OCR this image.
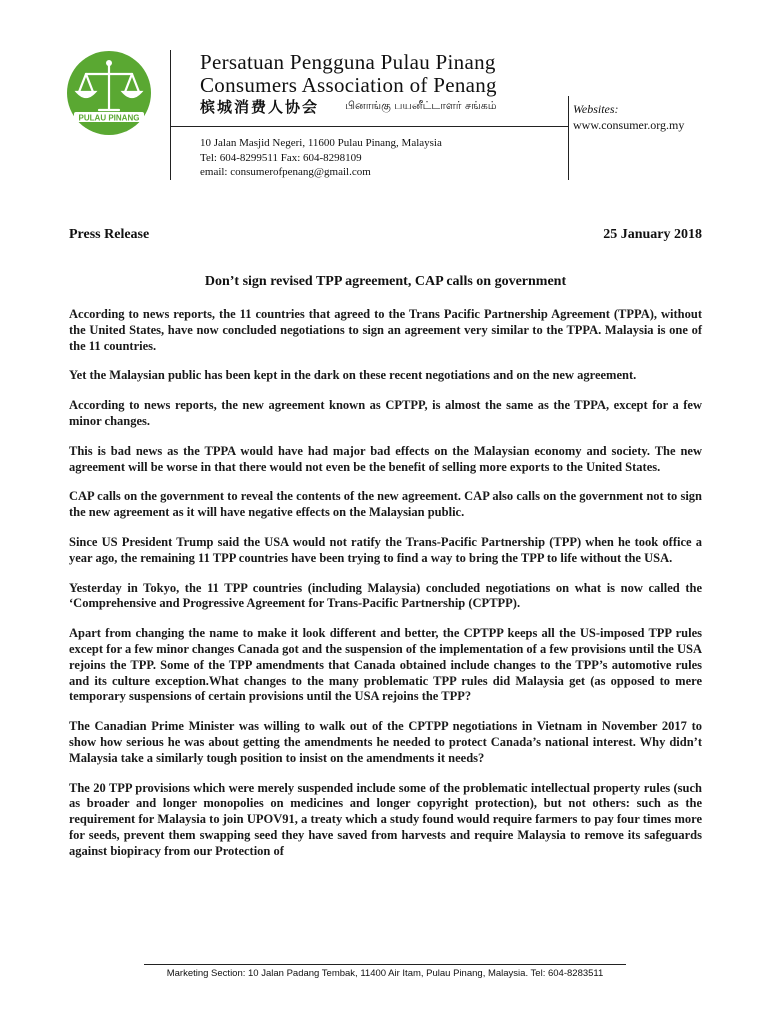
PULAU PINANG
Persatuan Pengguna Pulau Pinang
Consumers Association of Penang
槟城消费人协会 பினாங்கு பயனீட்டாளர் சங்கம்
10 Jalan Masjid Negeri, 11600 Pulau Pinang, Malaysia
Tel: 604-8299511 Fax: 604-8298109
email: consumerofpenang@gmail.com
Websites:
www.consumer.org.my
Press Release	25 January 2018
Don’t sign revised TPP agreement, CAP calls on government

According to news reports, the 11 countries that agreed to the Trans Pacific Partnership Agreement (TPPA), without the United States, have now concluded negotiations to sign an agreement very similar to the TPPA. Malaysia is one of the 11 countries.

Yet the Malaysian public has been kept in the dark on these recent negotiations and on the new agreement.

According to news reports, the new agreement known as CPTPP, is almost the same as the TPPA, except for a few minor changes.

This is bad news as the TPPA would have had major bad effects on the Malaysian economy and society. The new agreement will be worse in that there would not even be the benefit of selling more exports to the United States.

CAP calls on the government to reveal the contents of the new agreement. CAP also calls on the government not to sign the new agreement as it will have negative effects on the Malaysian public.

Since US President Trump said the USA would not ratify the Trans-Pacific Partnership (TPP) when he took office a year ago, the remaining 11 TPP countries have been trying to find a way to bring the TPP to life without the USA.

Yesterday in Tokyo, the 11 TPP countries (including Malaysia) concluded negotiations on what is now called the ‘Comprehensive and Progressive Agreement for Trans-Pacific Partnership (CPTPP).

Apart from changing the name to make it look different and better, the CPTPP keeps all the US-imposed TPP rules except for a few minor changes Canada got and the suspension of the implementation of a few provisions until the USA rejoins the TPP. Some of the TPP amendments that Canada obtained include changes to the TPP’s automotive rules and its culture exception.What changes to the many problematic TPP rules did Malaysia get (as opposed to mere temporary suspensions of certain provisions until the USA rejoins the TPP?

The Canadian Prime Minister was willing to walk out of the CPTPP negotiations in Vietnam in November 2017 to show how serious he was about getting the amendments he needed to protect Canada’s national interest. Why didn’t Malaysia take a similarly tough position to insist on the amendments it needs?

The 20 TPP provisions which were merely suspended include some of the problematic intellectual property rules (such as broader and longer monopolies on medicines and longer copyright protection), but not others: such as the requirement for Malaysia to join UPOV91, a treaty which a study found would require farmers to pay four times more for seeds, prevent them swapping seed they have saved from harvests and require Malaysia to remove its safeguards against biopiracy from our Protection of

Marketing Section: 10 Jalan Padang Tembak, 11400 Air Itam, Pulau Pinang, Malaysia. Tel: 604-8283511
